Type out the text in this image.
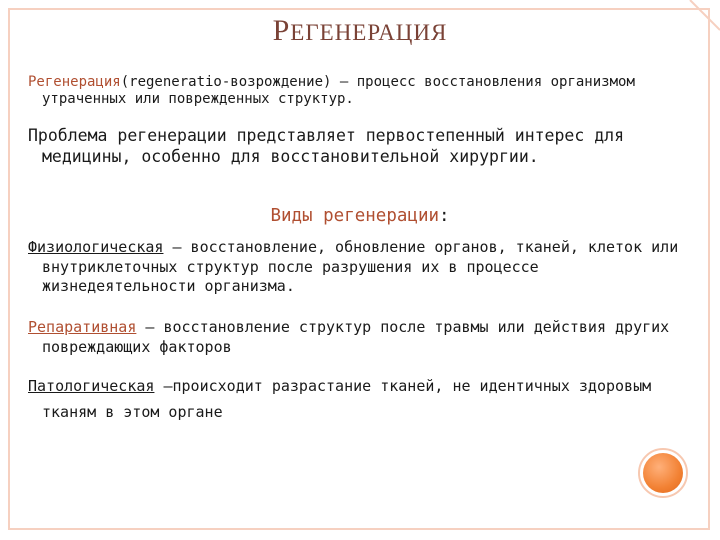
РЕГЕНЕРАЦИЯ
Регенерация(regeneratio-возрождение) – процесс восстановления организмом утраченных или поврежденных структур.
Проблема регенерации представляет первостепенный интерес для медицины, особенно для восстановительной хирургии.
Виды регенерации:
Физиологическая – восстановление, обновление органов, тканей, клеток или внутриклеточных структур после разрушения их в процессе жизнедеятельности организма.
Репаративная – восстановление структур после травмы или действия других повреждающих факторов
Патологическая –происходит разрастание тканей, не идентичных здоровым тканям в этом органе
